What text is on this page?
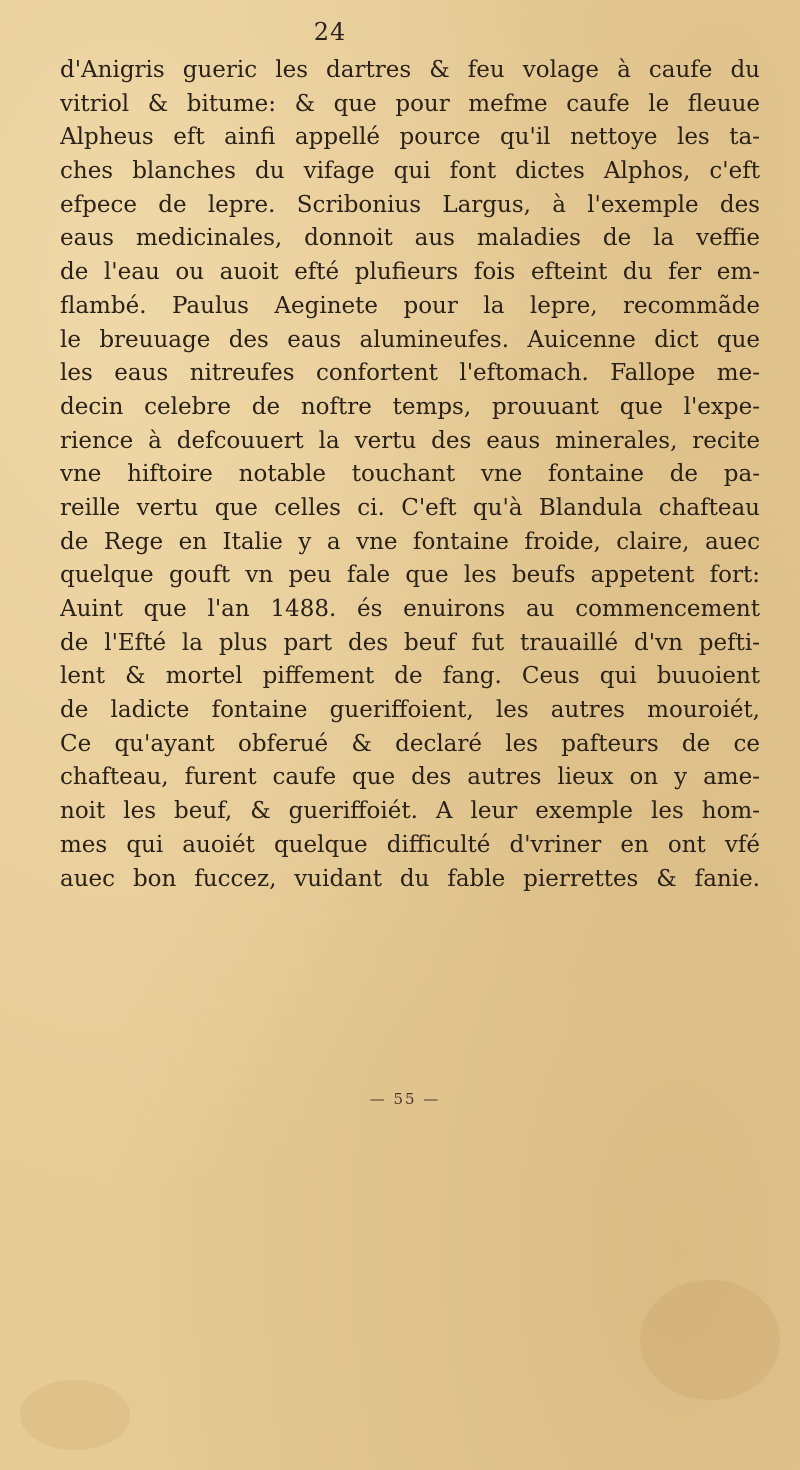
24
d'Anigris gueric les dartres & feu volage à caufe du
vitriol & bitume: & que pour mefme caufe le fleuue
Alpheus eft ainfi appellé pource qu'il nettoye les ta-
ches blanches du vifage qui font dictes Alphos, c'eft
efpece de lepre. Scribonius Largus, à l'exemple des
eaus medicinales, donnoit aus maladies de la veffie
de l'eau ou auoit efté plufieurs fois efteint du fer em-
flambé. Paulus Aeginete pour la lepre, recommãde
le breuuage des eaus alumineufes. Auicenne dict que
les eaus nitreufes confortent l'eftomach. Fallope me-
decin celebre de noftre temps, prouuant que l'expe-
rience à defcouuert la vertu des eaus minerales, recite
vne hiftoire notable touchant vne fontaine de pa-
reille vertu que celles ci. C'eft qu'à Blandula chafteau
de Rege en Italie y a vne fontaine froide, claire, auec
quelque gouft vn peu fale que les beufs appetent fort:
Auint que l'an 1488. és enuirons au commencement
de l'Efté la plus part des beuf fut trauaillé d'vn pefti-
lent & mortel piffement de fang. Ceus qui buuoient
de ladicte fontaine gueriffoient, les autres mouroiét,
Ce qu'ayant obferué & declaré les pafteurs de ce
chafteau, furent caufe que des autres lieux on y ame-
noit les beuf, & gueriffoiét. A leur exemple les hom-
mes qui auoiét quelque difficulté d'vriner en ont vfé
auec bon fuccez, vuidant du fable pierrettes & fanie.
— 55 —
